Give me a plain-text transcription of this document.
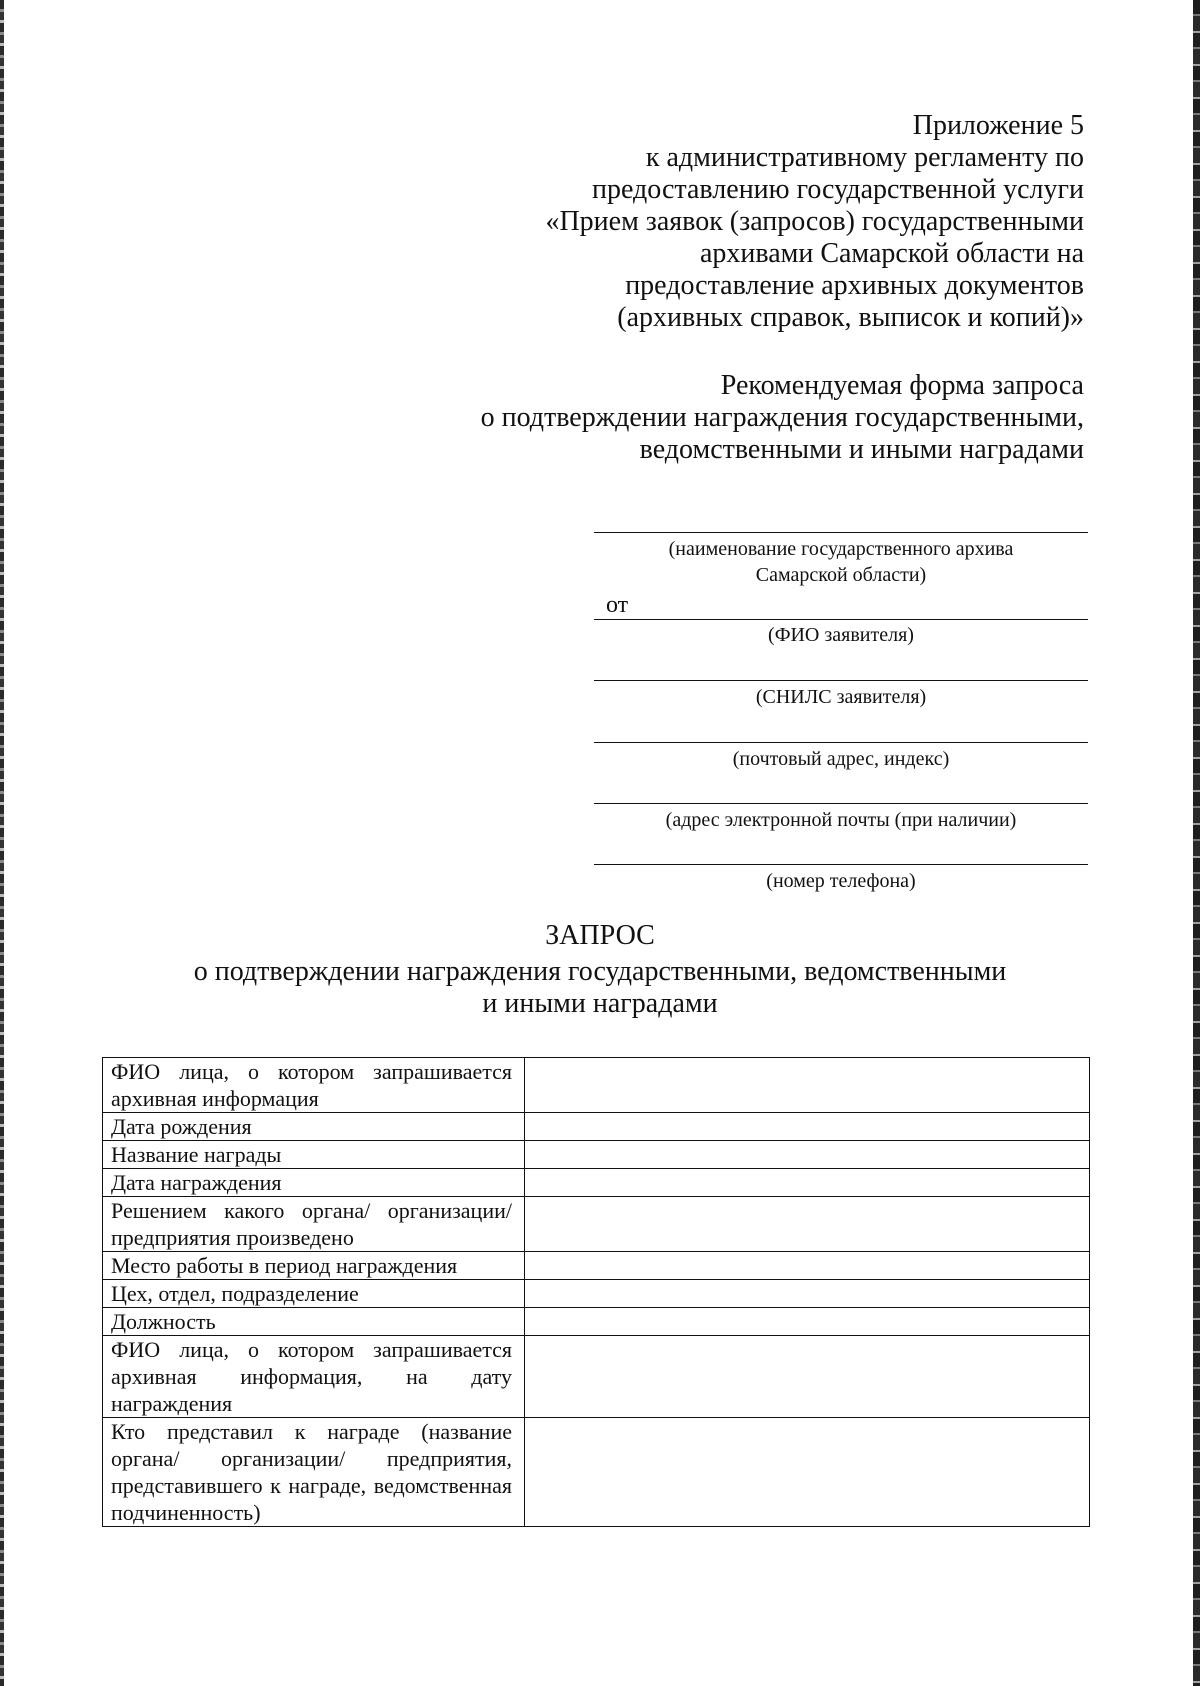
Приложение 5
к административному регламенту по
предоставлению государственной услуги
«Прием заявок (запросов) государственными
архивами Самарской области на
предоставление архивных документов
(архивных справок, выписок и копий)»
Рекомендуемая форма запроса
о подтверждении награждения государственными,
ведомственными и иными наградами
(наименование государственного архива
Самарской области)
от
(ФИО заявителя)
(СНИЛС заявителя)
(почтовый адрес, индекс)
(адрес электронной почты (при наличии)
(номер телефона)
ЗАПРОС
о подтверждении награждения государственными, ведомственными
и иными наградами
ФИО лица, о котором запрашивается архивная информация	
Дата рождения	
Название награды	
Дата награждения	
Решением какого органа/ организации/ предприятия произведено	
Место работы в период награждения	
Цех, отдел, подразделение	
Должность	
ФИО лица, о котором запрашивается архивная информация, на дату награждения	
Кто представил к награде (название органа/ организации/ предприятия, представившего к награде, ведомственная подчиненность)	
